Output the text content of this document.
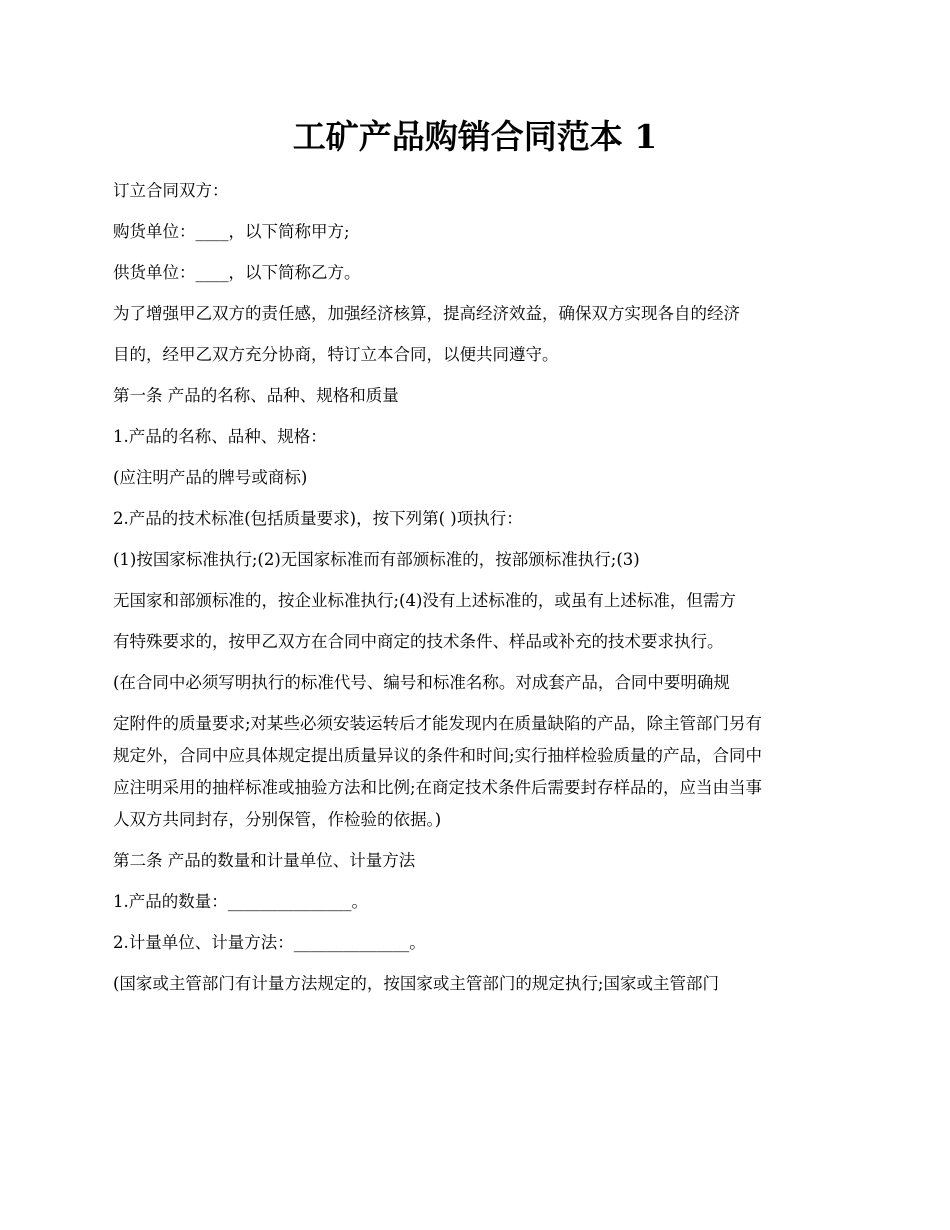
工矿产品购销合同范本 1

订立合同双方：

购货单位：____，以下简称甲方;

供货单位：____，以下简称乙方。

为了增强甲乙双方的责任感，加强经济核算，提高经济效益，确保双方实现各自的经济

目的，经甲乙双方充分协商，特订立本合同，以便共同遵守。

第一条 产品的名称、品种、规格和质量

1.产品的名称、品种、规格：

(应注明产品的牌号或商标)

2.产品的技术标准(包括质量要求)，按下列第( )项执行：

(1)按国家标准执行;(2)无国家标准而有部颁标准的，按部颁标准执行;(3)

无国家和部颁标准的，按企业标准执行;(4)没有上述标准的，或虽有上述标准，但需方

有特殊要求的，按甲乙双方在合同中商定的技术条件、样品或补充的技术要求执行。

(在合同中必须写明执行的标准代号、编号和标准名称。对成套产品，合同中要明确规

定附件的质量要求;对某些必须安装运转后才能发现内在质量缺陷的产品，除主管部门另有

规定外，合同中应具体规定提出质量异议的条件和时间;实行抽样检验质量的产品，合同中

应注明采用的抽样标准或抽验方法和比例;在商定技术条件后需要封存样品的，应当由当事

人双方共同封存，分别保管，作检验的依据。)

第二条 产品的数量和计量单位、计量方法

1.产品的数量：_______________。

2.计量单位、计量方法：______________。

(国家或主管部门有计量方法规定的，按国家或主管部门的规定执行;国家或主管部门
